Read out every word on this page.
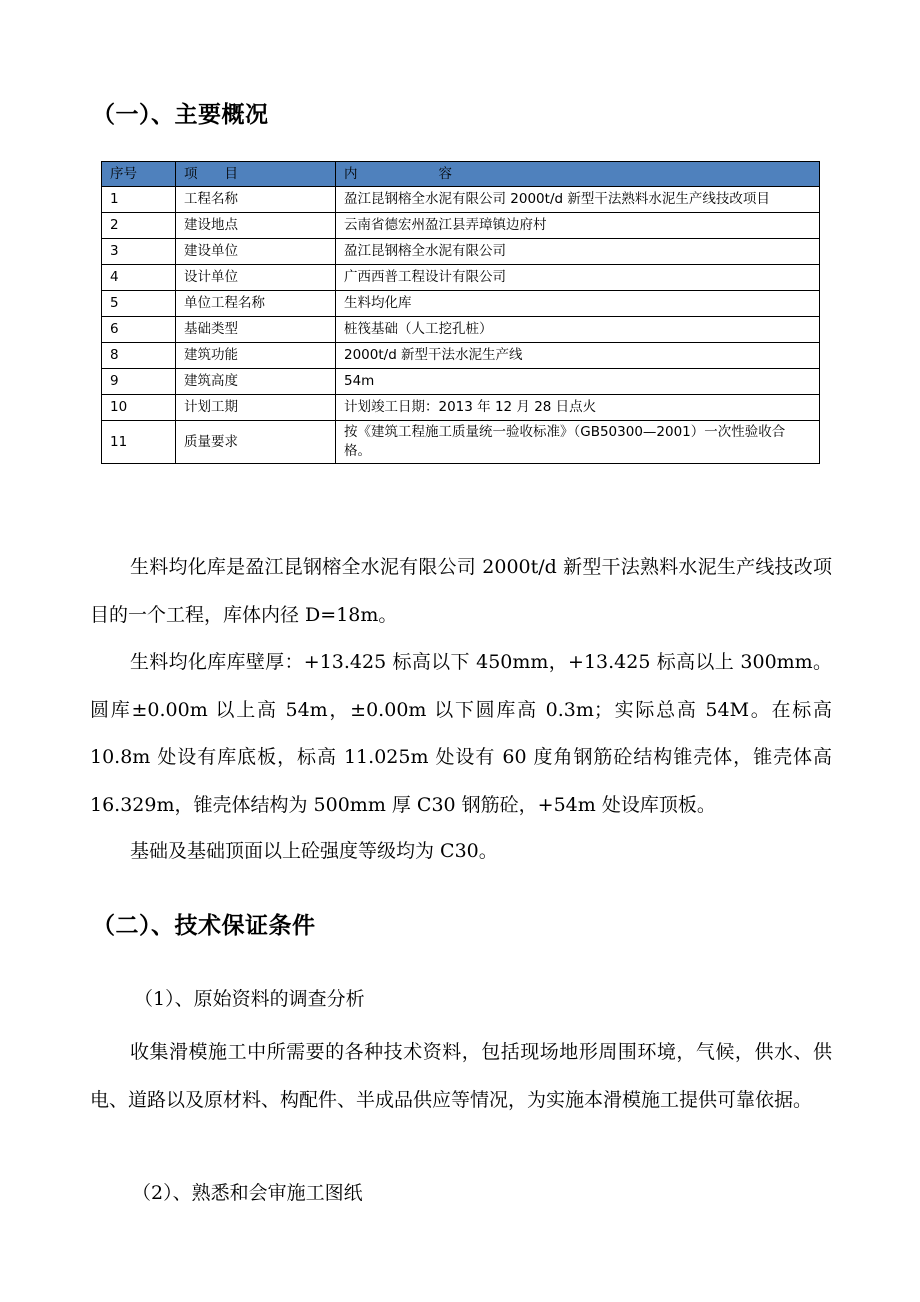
（一）、主要概况
序号	项　　目	内　　　　　　容
1	工程名称	盈江昆钢榕全水泥有限公司 2000t/d 新型干法熟料水泥生产线技改项目
2	建设地点	云南省德宏州盈江县弄璋镇边府村
3	建设单位	盈江昆钢榕全水泥有限公司
4	设计单位	广西西普工程设计有限公司
5	单位工程名称	生料均化库
6	基础类型	桩筏基础（人工挖孔桩）
8	建筑功能	2000t/d 新型干法水泥生产线
9	建筑高度	54m
10	计划工期	计划竣工日期：2013 年 12 月 28 日点火
11	质量要求	按《建筑工程施工质量统一验收标准》（GB50300—2001）一次性验收合格。

生料均化库是盈江昆钢榕全水泥有限公司 2000t/d 新型干法熟料水泥生产线技改项目的一个工程，库体内径 D=18m。

生料均化库库壁厚：+13.425 标高以下 450mm，+13.425 标高以上 300mm。圆库±0.00m 以上高 54m，±0.00m 以下圆库高 0.3m；实际总高 54M。在标高 10.8m 处设有库底板，标高 11.025m 处设有 60 度角钢筋砼结构锥壳体，锥壳体高 16.329m，锥壳体结构为 500mm 厚 C30 钢筋砼，+54m 处设库顶板。

基础及基础顶面以上砼强度等级均为 C30。

（二）、技术保证条件

（1）、原始资料的调查分析

收集滑模施工中所需要的各种技术资料，包括现场地形周围环境，气候，供水、供电、道路以及原材料、构配件、半成品供应等情况，为实施本滑模施工提供可靠依据。

（2）、熟悉和会审施工图纸
